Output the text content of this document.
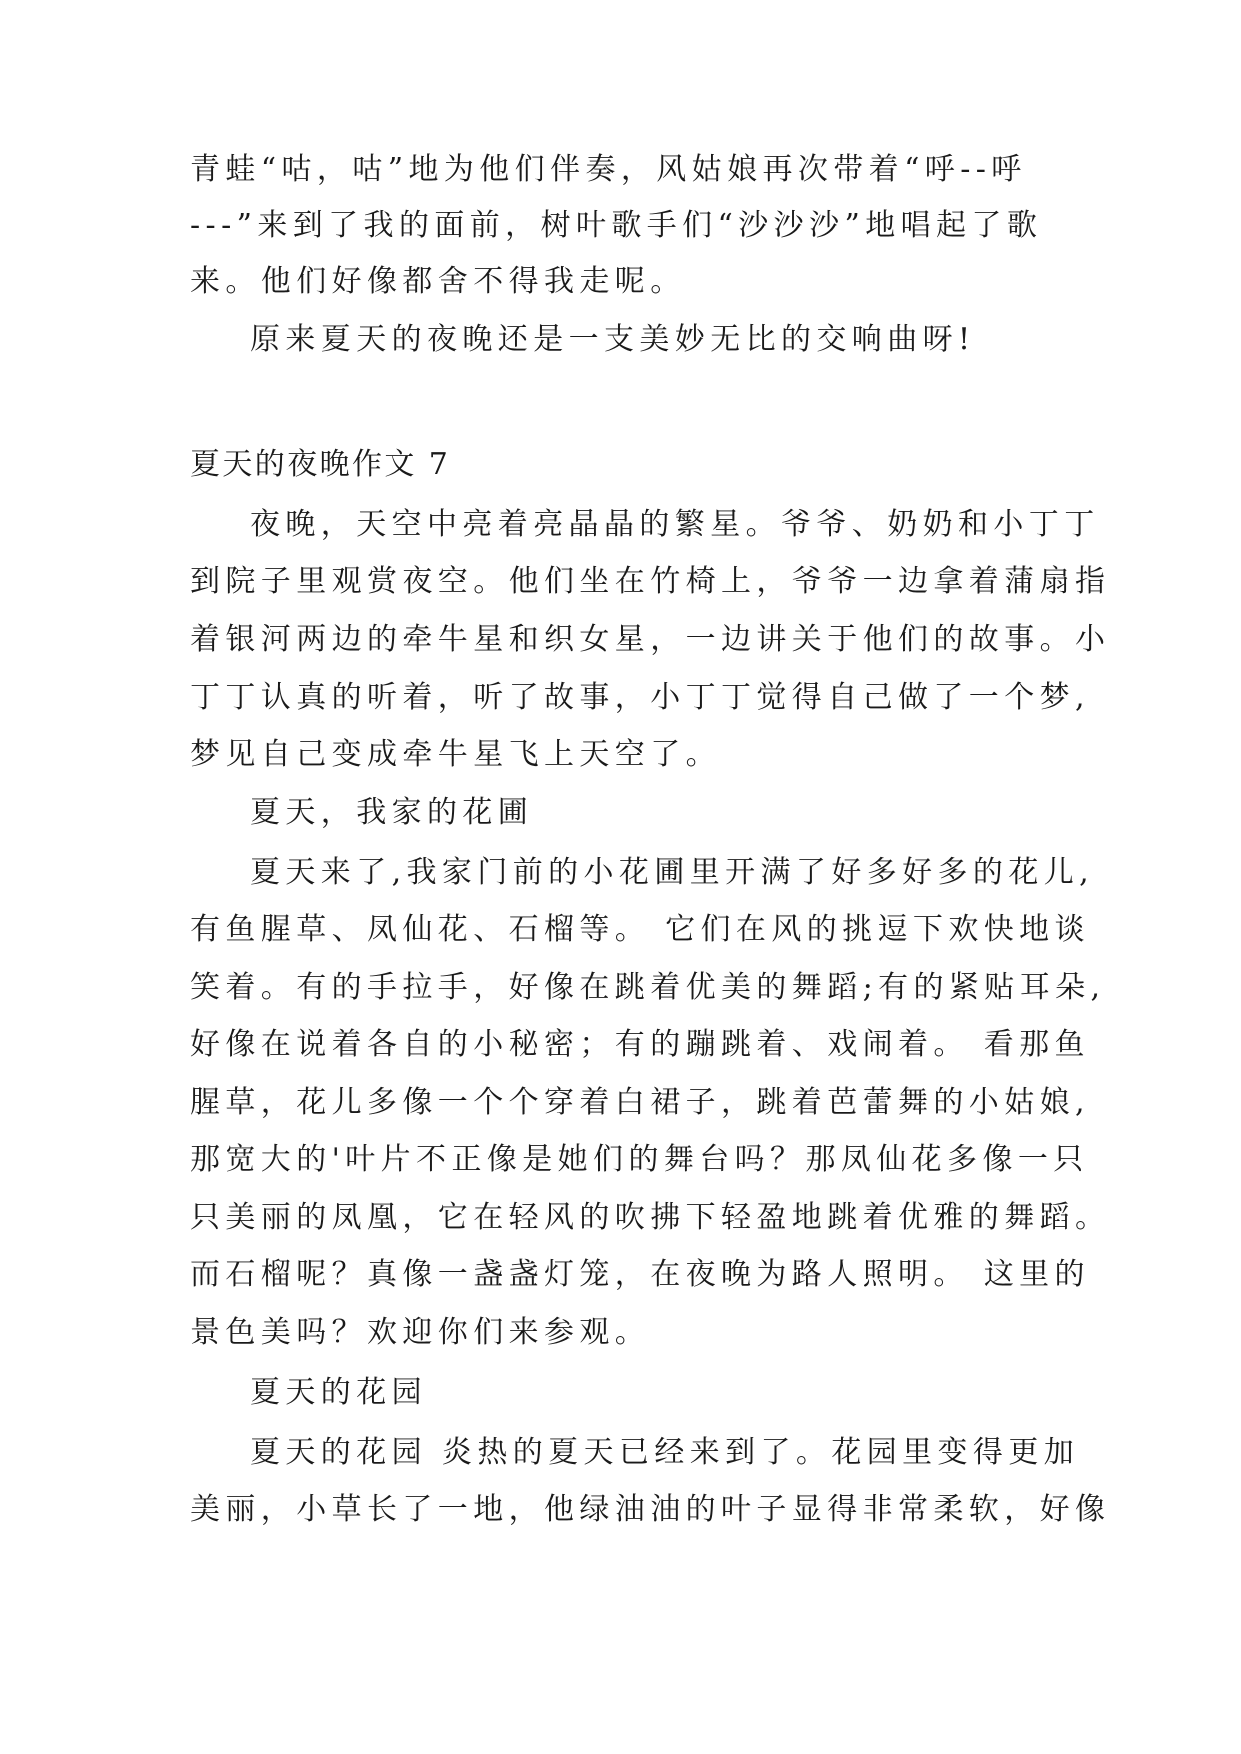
青蛙“咕，咕”地为他们伴奏，风姑娘再次带着“呼--呼
---”来到了我的面前，树叶歌手们“沙沙沙”地唱起了歌
来。他们好像都舍不得我走呢。
原来夏天的夜晚还是一支美妙无比的交响曲呀!
夏天的夜晚作文 7
夜晚，天空中亮着亮晶晶的繁星。爷爷、奶奶和小丁丁
到院子里观赏夜空。他们坐在竹椅上，爷爷一边拿着蒲扇指
着银河两边的牵牛星和织女星，一边讲关于他们的故事。小
丁丁认真的听着，听了故事，小丁丁觉得自己做了一个梦,
梦见自己变成牵牛星飞上天空了。
夏天，我家的花圃
夏天来了,我家门前的小花圃里开满了好多好多的花儿,
有鱼腥草、凤仙花、石榴等。 它们在风的挑逗下欢快地谈
笑着。有的手拉手，好像在跳着优美的舞蹈;有的紧贴耳朵,
好像在说着各自的小秘密；有的蹦跳着、戏闹着。 看那鱼
腥草，花儿多像一个个穿着白裙子，跳着芭蕾舞的小姑娘,
那宽大的'叶片不正像是她们的舞台吗？那凤仙花多像一只
只美丽的凤凰，它在轻风的吹拂下轻盈地跳着优雅的舞蹈。
而石榴呢？真像一盏盏灯笼，在夜晚为路人照明。 这里的
景色美吗？欢迎你们来参观。
夏天的花园
夏天的花园 炎热的夏天已经来到了。花园里变得更加
美丽，小草长了一地，他绿油油的叶子显得非常柔软，好像
